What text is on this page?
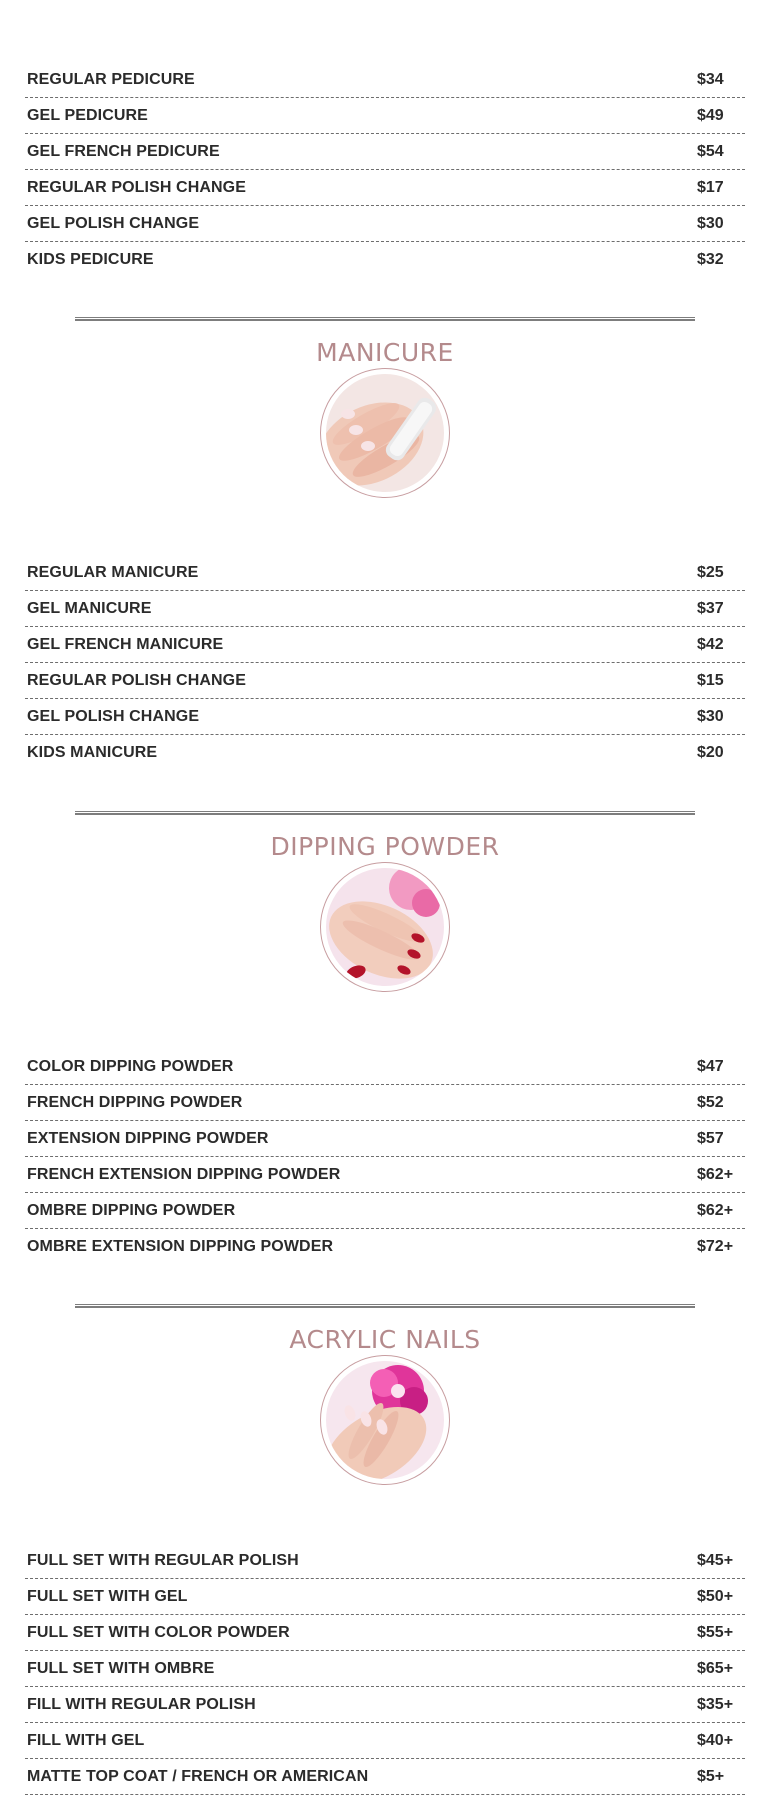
REGULAR PEDICURE	$34
GEL PEDICURE	$49
GEL FRENCH PEDICURE	$54
REGULAR POLISH CHANGE	$17
GEL POLISH CHANGE	$30
KIDS PEDICURE	$32
MANICURE
REGULAR MANICURE	$25
GEL MANICURE	$37
GEL FRENCH MANICURE	$42
REGULAR POLISH CHANGE	$15
GEL POLISH CHANGE	$30
KIDS MANICURE	$20
DIPPING POWDER
COLOR DIPPING POWDER	$47
FRENCH DIPPING POWDER	$52
EXTENSION DIPPING POWDER	$57
FRENCH EXTENSION DIPPING POWDER	$62+
OMBRE DIPPING POWDER	$62+
OMBRE EXTENSION DIPPING POWDER	$72+
ACRYLIC NAILS
FULL SET WITH REGULAR POLISH	$45+
FULL SET WITH GEL	$50+
FULL SET WITH COLOR POWDER	$55+
FULL SET WITH OMBRE	$65+
FILL WITH REGULAR POLISH	$35+
FILL WITH GEL	$40+
MATTE TOP COAT / FRENCH OR AMERICAN	$5+
